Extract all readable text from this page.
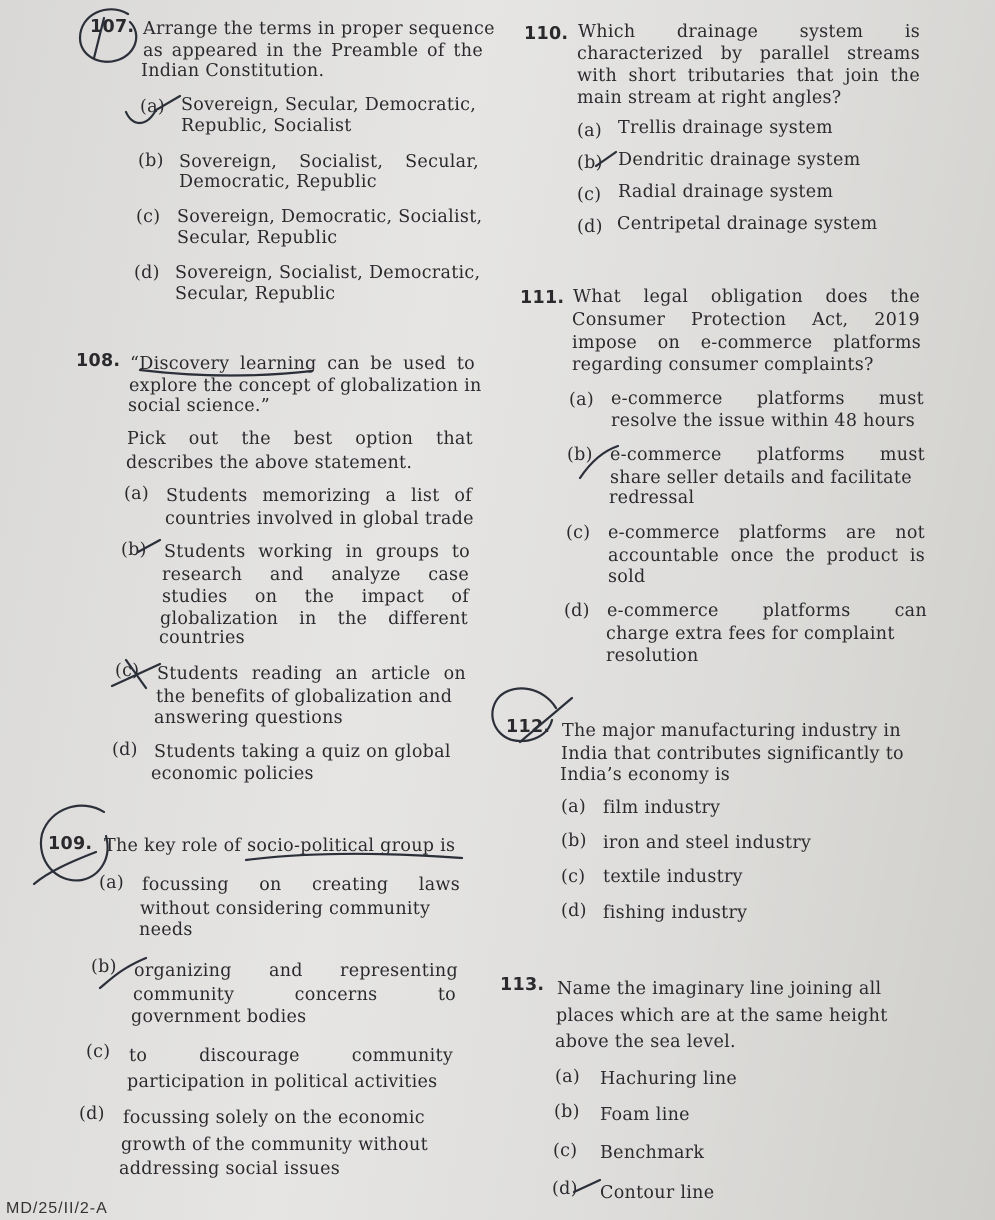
107. Arrange the terms in proper sequence
as appeared in the Preamble of the
Indian Constitution.
(a) Sovereign, Secular, Democratic,
Republic, Socialist
(b) Sovereign, Socialist, Secular,
Democratic, Republic
(c) Sovereign, Democratic, Socialist,
Secular, Republic
(d) Sovereign, Socialist, Democratic,
Secular, Republic
108. “Discovery learning can be used to
explore the concept of globalization in
social science.”
Pick out the best option that
describes the above statement.
(a) Students memorizing a list of
countries involved in global trade
(b) Students working in groups to
research and analyze case
studies on the impact of
globalization in the different
countries
(c) Students reading an article on
the benefits of globalization and
answering questions
(d) Students taking a quiz on global
economic policies
109. The key role of socio-political group is
(a) focussing on creating laws
without considering community
needs
(b) organizing and representing
community concerns to
government bodies
(c) to discourage community
participation in political activities
(d) focussing solely on the economic
growth of the community without
addressing social issues
110. Which drainage system is
characterized by parallel streams
with short tributaries that join the
main stream at right angles?
(a) Trellis drainage system
(b) Dendritic drainage system
(c) Radial drainage system
(d) Centripetal drainage system
111. What legal obligation does the
Consumer Protection Act, 2019
impose on e-commerce platforms
regarding consumer complaints?
(a) e-commerce platforms must
resolve the issue within 48 hours
(b) e-commerce platforms must
share seller details and facilitate
redressal
(c) e-commerce platforms are not
accountable once the product is
sold
(d) e-commerce platforms can
charge extra fees for complaint
resolution
112. The major manufacturing industry in
India that contributes significantly to
India’s economy is
(a) film industry
(b) iron and steel industry
(c) textile industry
(d) fishing industry
113. Name the imaginary line joining all
places which are at the same height
above the sea level.
(a) Hachuring line
(b) Foam line
(c) Benchmark
(d) Contour line
MD/25/II/2-A
